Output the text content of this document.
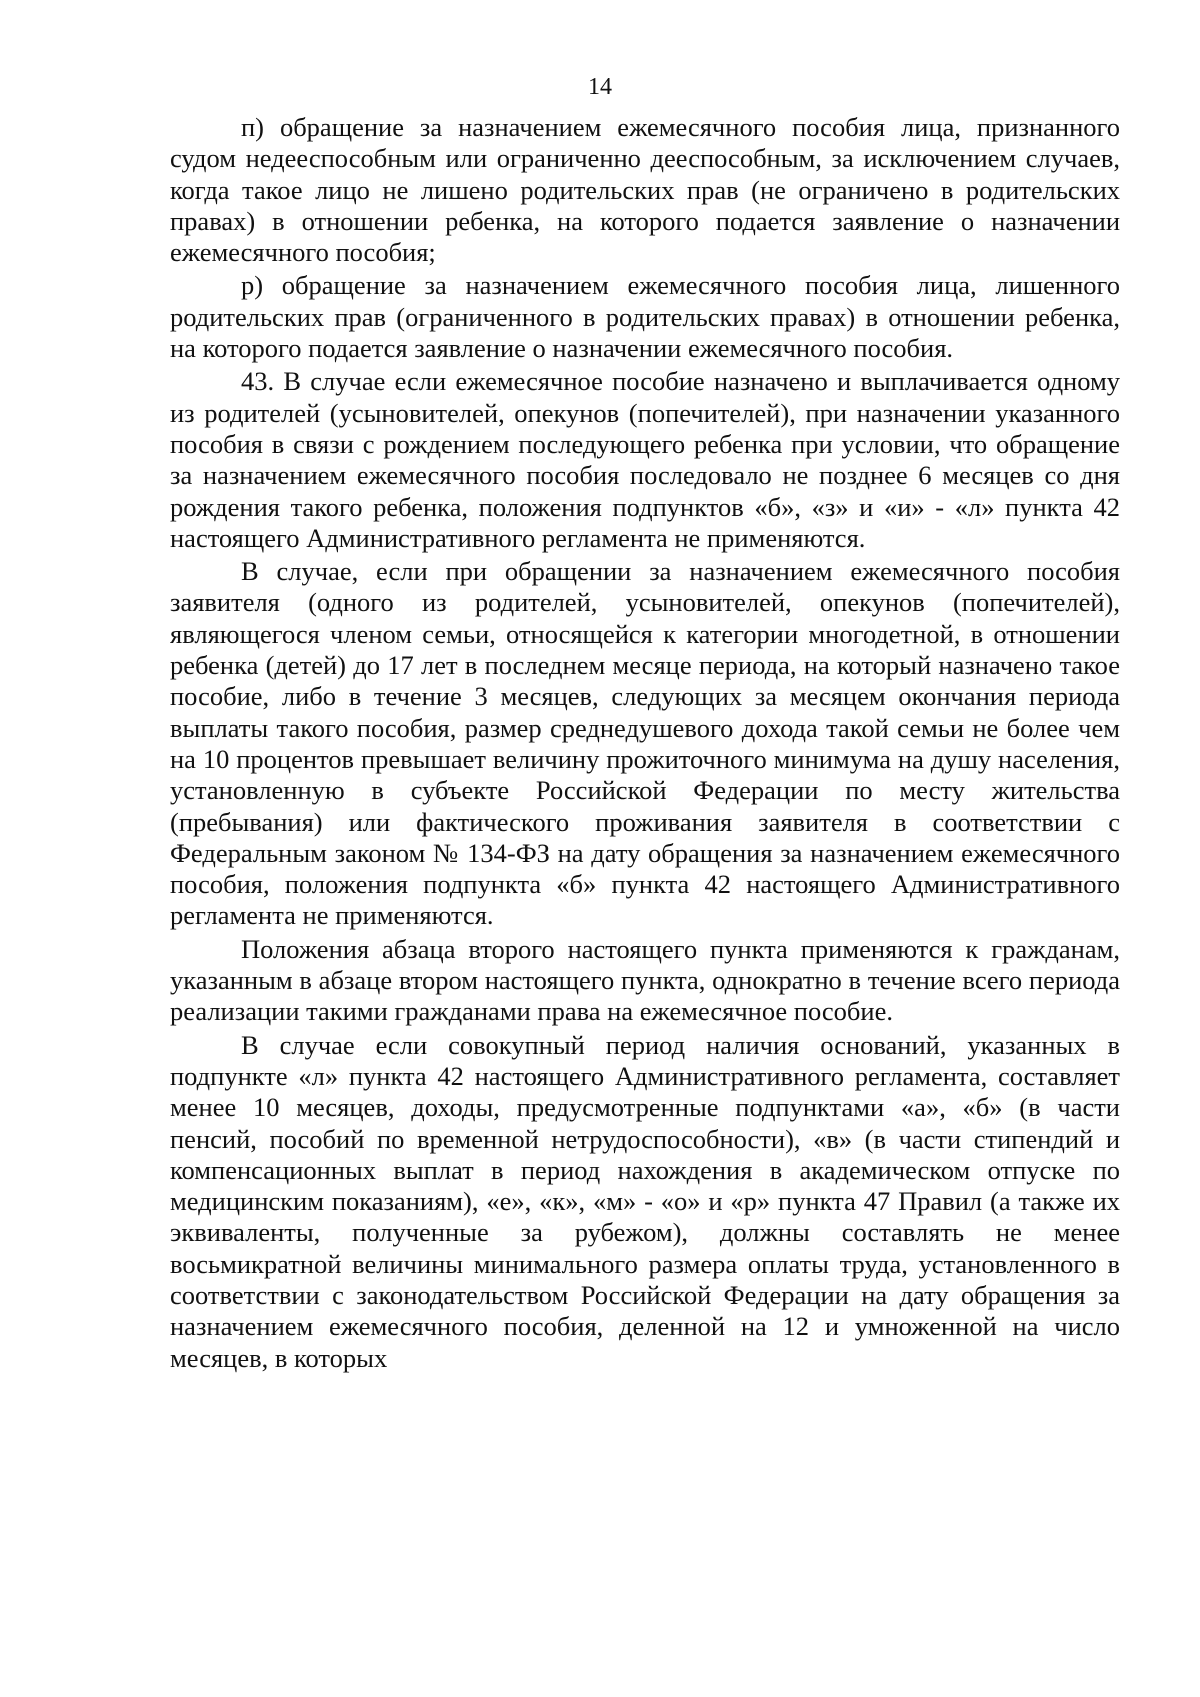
14

п) обращение за назначением ежемесячного пособия лица, признанного судом недееспособным или ограниченно дееспособным, за исключением случаев, когда такое лицо не лишено родительских прав (не ограничено в родительских правах) в отношении ребенка, на которого подается заявление о назначении ежемесячного пособия;

р) обращение за назначением ежемесячного пособия лица, лишенного родительских прав (ограниченного в родительских правах) в отношении ребенка, на которого подается заявление о назначении ежемесячного пособия.

43. В случае если ежемесячное пособие назначено и выплачивается одному из родителей (усыновителей, опекунов (попечителей), при назначении указанного пособия в связи с рождением последующего ребенка при условии, что обращение за назначением ежемесячного пособия последовало не позднее 6 месяцев со дня рождения такого ребенка, положения подпунктов «б», «з» и «и» - «л» пункта 42 настоящего Административного регламента не применяются.

В случае, если при обращении за назначением ежемесячного пособия заявителя (одного из родителей, усыновителей, опекунов (попечителей), являющегося членом семьи, относящейся к категории многодетной, в отношении ребенка (детей) до 17 лет в последнем месяце периода, на который назначено такое пособие, либо в течение 3 месяцев, следующих за месяцем окончания периода выплаты такого пособия, размер среднедушевого дохода такой семьи не более чем на 10 процентов превышает величину прожиточного минимума на душу населения, установленную в субъекте Российской Федерации по месту жительства (пребывания) или фактического проживания заявителя в соответствии с Федеральным законом № 134-ФЗ на дату обращения за назначением ежемесячного пособия, положения подпункта «б» пункта 42 настоящего Административного регламента не применяются.

Положения абзаца второго настоящего пункта применяются к гражданам, указанным в абзаце втором настоящего пункта, однократно в течение всего периода реализации такими гражданами права на ежемесячное пособие.

В случае если совокупный период наличия оснований, указанных в подпункте «л» пункта 42 настоящего Административного регламента, составляет менее 10 месяцев, доходы, предусмотренные подпунктами «а», «б» (в части пенсий, пособий по временной нетрудоспособности), «в» (в части стипендий и компенсационных выплат в период нахождения в академическом отпуске по медицинским показаниям), «е», «к», «м» - «о» и «р» пункта 47 Правил (а также их эквиваленты, полученные за рубежом), должны составлять не менее восьмикратной величины минимального размера оплаты труда, установленного в соответствии с законодательством Российской Федерации на дату обращения за назначением ежемесячного пособия, деленной на 12 и умноженной на число месяцев, в которых
